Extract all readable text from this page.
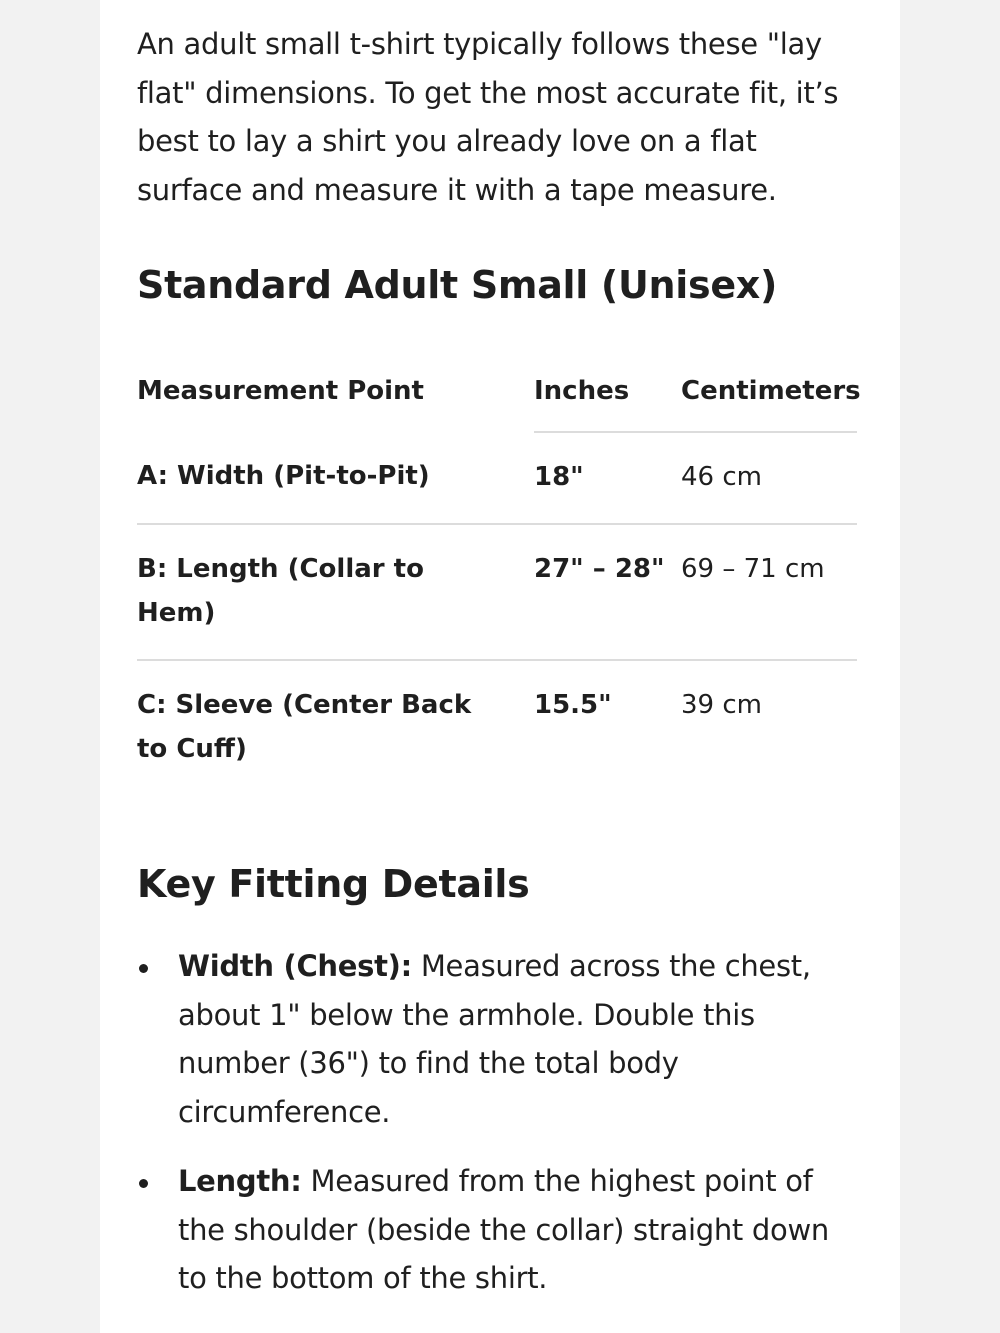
An adult small t-shirt typically follows these "lay flat" dimensions. To get the most accurate fit, it’s best to lay a shirt you already love on a flat surface and measure it with a tape measure.

Standard Adult Small (Unisex)
Measurement Point	Inches	Centimeters
A: Width (Pit-to-Pit)	18"	46 cm
B: Length (Collar to Hem)	27" – 28"	69 – 71 cm
C: Sleeve (Center Back to Cuff)	15.5"	39 cm
Key Fitting Details
Width (Chest): Measured across the chest, about 1" below the armhole. Double this number (36") to find the total body circumference.
Length: Measured from the highest point of the shoulder (beside the collar) straight down to the bottom of the shirt.
